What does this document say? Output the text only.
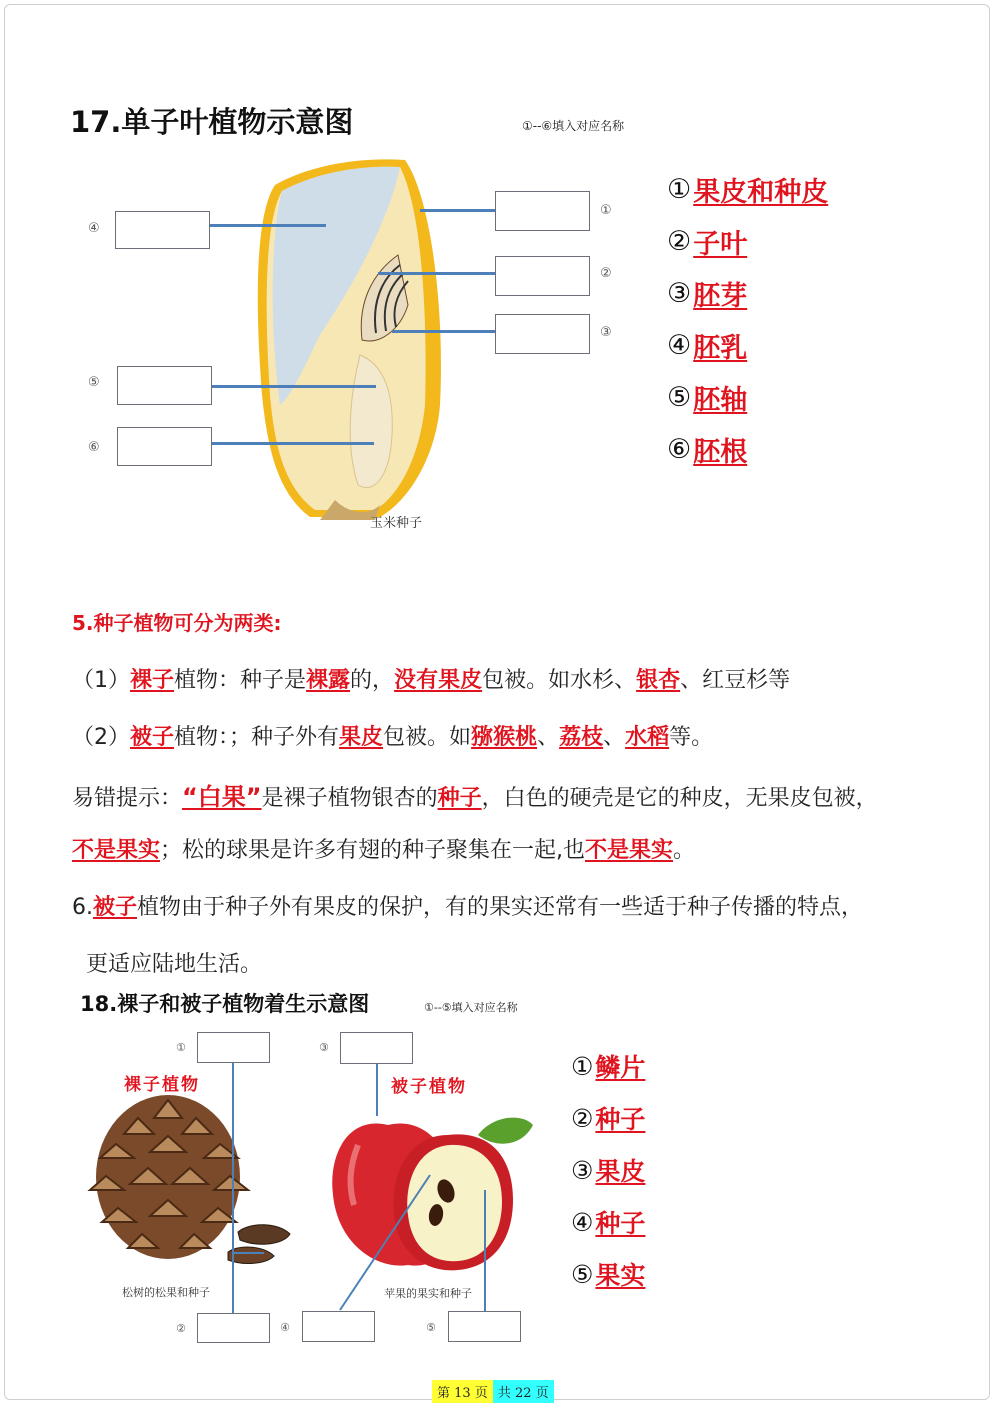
17.单子叶植物示意图	①--⑥填入对应名称
玉米种子
④
⑤
⑥
①
②
③
① 果皮和种皮
② 子叶
③ 胚芽
④ 胚乳
⑤ 胚轴
⑥ 胚根
5.种子植物可分为两类:
（1）裸子植物：种子是裸露的，没有果皮包被。如水杉、银杏、红豆杉等
（2）被子植物：；种子外有果皮包被。如猕猴桃、荔枝、水稻等。
易错提示：“白果”是裸子植物银杏的种子，白色的硬壳是它的种皮，无果皮包被，
不是果实；松的球果是许多有翅的种子聚集在一起,也不是果实。
6.被子植物由于种子外有果皮的保护，有的果实还常有一些适于种子传播的特点，
更适应陆地生活。
18.裸子和被子植物着生示意图	①--⑤填入对应名称
裸子植物
松树的松果和种子
被子植物
苹果的果实和种子
①
②
③
④	⑤
① 鳞片
② 种子
③ 果皮
④ 种子
⑤ 果实
第 13 页 共 22 页
